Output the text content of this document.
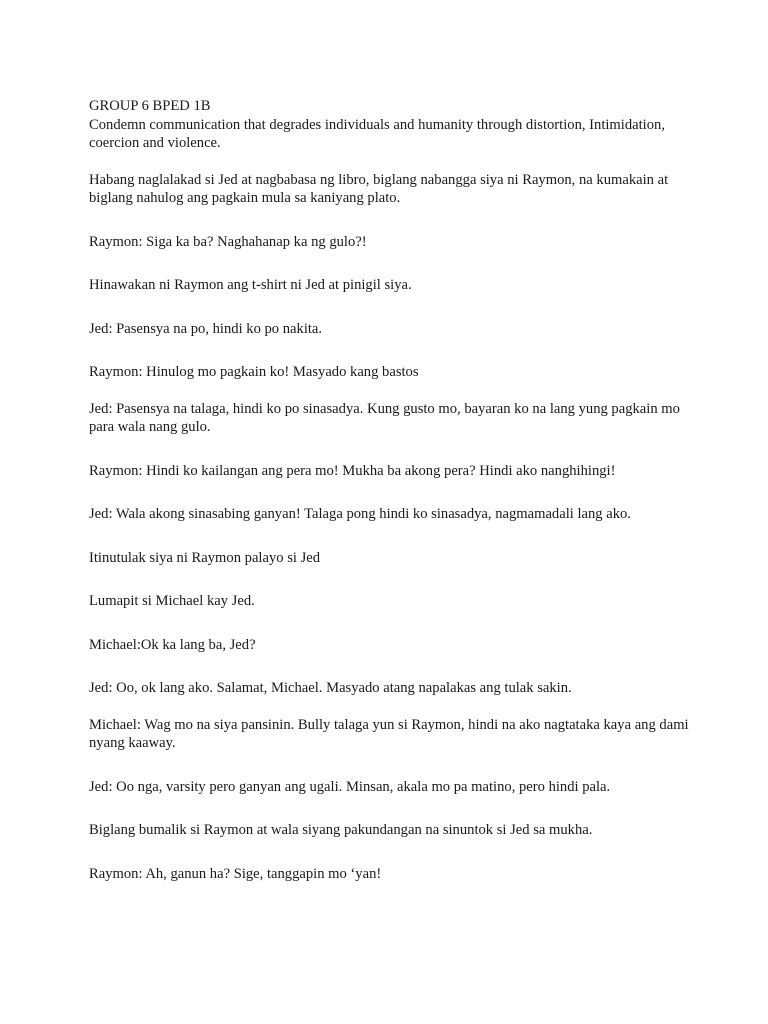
GROUP 6 BPED 1B

Condemn communication that degrades individuals and humanity through distortion, Intimidation, coercion and violence.

Habang naglalakad si Jed at nagbabasa ng libro, biglang nabangga siya ni Raymon, na kumakain at biglang nahulog ang pagkain mula sa kaniyang plato.

Raymon: Siga ka ba? Naghahanap ka ng gulo?!

Hinawakan ni Raymon ang t-shirt ni Jed at pinigil siya.

Jed: Pasensya na po, hindi ko po nakita.

Raymon: Hinulog mo pagkain ko! Masyado kang bastos

Jed: Pasensya na talaga, hindi ko po sinasadya. Kung gusto mo, bayaran ko na lang yung pagkain mo para wala nang gulo.

Raymon: Hindi ko kailangan ang pera mo! Mukha ba akong pera? Hindi ako nanghihingi!

Jed: Wala akong sinasabing ganyan! Talaga pong hindi ko sinasadya, nagmamadali lang ako.

Itinutulak siya ni Raymon palayo si Jed

Lumapit si Michael kay Jed.

Michael:Ok ka lang ba, Jed?

Jed: Oo, ok lang ako. Salamat, Michael. Masyado atang napalakas ang tulak sakin.

Michael: Wag mo na siya pansinin. Bully talaga yun si Raymon, hindi na ako nagtataka kaya ang dami nyang kaaway.

Jed: Oo nga, varsity pero ganyan ang ugali. Minsan, akala mo pa matino, pero hindi pala.

Biglang bumalik si Raymon at wala siyang pakundangan na sinuntok si Jed sa mukha.

Raymon: Ah, ganun ha? Sige, tanggapin mo ‘yan!
